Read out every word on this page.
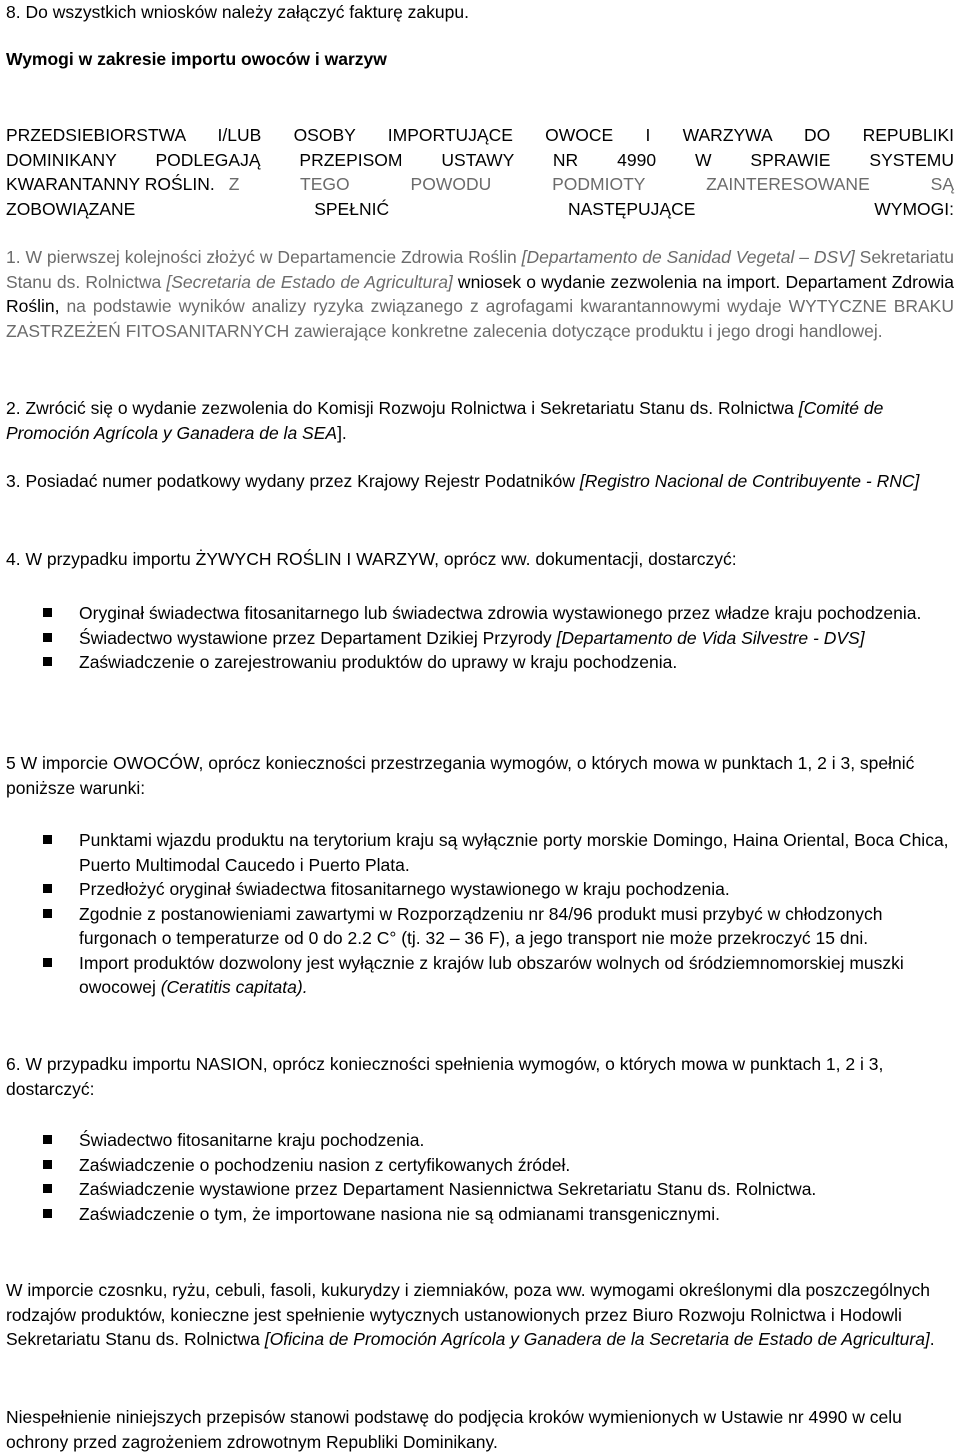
8. Do wszystkich wniosków należy załączyć fakturę zakupu.

Wymogi w zakresie importu owoców i warzyw

PRZEDSIEBIORSTWA I/LUB OSOBY IMPORTUJĄCE OWOCE I WARZYWA DO REPUBLIKI
DOMINIKANY PODLEGAJĄ PRZEPISOM USTAWY NR 4990 W SPRAWIE SYSTEMU
KWARANTANNY ROŚLIN. Z TEGO POWODU PODMIOTY ZAINTERESOWANE SĄ
ZOBOWIĄZANE SPEŁNIĆ NASTĘPUJĄCE WYMOGI:

1. W pierwszej kolejności złożyć w Departamencie Zdrowia Roślin [Departamento de Sanidad Vegetal – DSV] Sekretariatu Stanu ds. Rolnictwa [Secretaria de Estado de Agricultura] wniosek o wydanie zezwolenia na import. Departament Zdrowia Roślin, na podstawie wyników analizy ryzyka związanego z agrofagami kwarantannowymi wydaje WYTYCZNE BRAKU ZASTRZEŻEŃ FITOSANITARNYCH zawierające konkretne zalecenia dotyczące produktu i jego drogi handlowej.

2. Zwrócić się o wydanie zezwolenia do Komisji Rozwoju Rolnictwa i Sekretariatu Stanu ds. Rolnictwa [Comité de Promoción Agrícola y Ganadera de la SEA].

3. Posiadać numer podatkowy wydany przez Krajowy Rejestr Podatników [Registro Nacional de Contribuyente - RNC]

4. W przypadku importu ŻYWYCH ROŚLIN I WARZYW, oprócz ww. dokumentacji, dostarczyć:

Oryginał świadectwa fitosanitarnego lub świadectwa zdrowia wystawionego przez władze kraju pochodzenia.
Świadectwo wystawione przez Departament Dzikiej Przyrody [Departamento de Vida Silvestre - DVS]
Zaświadczenie o zarejestrowaniu produktów do uprawy w kraju pochodzenia.

5 W imporcie OWOCÓW, oprócz konieczności przestrzegania wymogów, o których mowa w punktach 1, 2 i 3, spełnić poniższe warunki:

Punktami wjazdu produktu na terytorium kraju są wyłącznie porty morskie Domingo, Haina Oriental, Boca Chica, Puerto Multimodal Caucedo i Puerto Plata.
Przedłożyć oryginał świadectwa fitosanitarnego wystawionego w kraju pochodzenia.
Zgodnie z postanowieniami zawartymi w Rozporządzeniu nr 84/96 produkt musi przybyć w chłodzonych furgonach o temperaturze od 0 do 2.2 C° (tj. 32 – 36 F), a jego transport nie może przekroczyć 15 dni.
Import produktów dozwolony jest wyłącznie z krajów lub obszarów wolnych od śródziemnomorskiej muszki owocowej (Ceratitis capitata).

6. W przypadku importu NASION, oprócz konieczności spełnienia wymogów, o których mowa w punktach 1, 2 i 3, dostarczyć:

Świadectwo fitosanitarne kraju pochodzenia.
Zaświadczenie o pochodzeniu nasion z certyfikowanych źródeł.
Zaświadczenie wystawione przez Departament Nasiennictwa Sekretariatu Stanu ds. Rolnictwa.
Zaświadczenie o tym, że importowane nasiona nie są odmianami transgenicznymi.

W imporcie czosnku, ryżu, cebuli, fasoli, kukurydzy i ziemniaków, poza ww. wymogami określonymi dla poszczególnych rodzajów produktów, konieczne jest spełnienie wytycznych ustanowionych przez Biuro Rozwoju Rolnictwa i Hodowli Sekretariatu Stanu ds. Rolnictwa [Oficina de Promoción Agrícola y Ganadera de la Secretaria de Estado de Agricultura].

Niespełnienie niniejszych przepisów stanowi podstawę do podjęcia kroków wymienionych w Ustawie nr 4990 w celu ochrony przed zagrożeniem zdrowotnym Republiki Dominikany.
